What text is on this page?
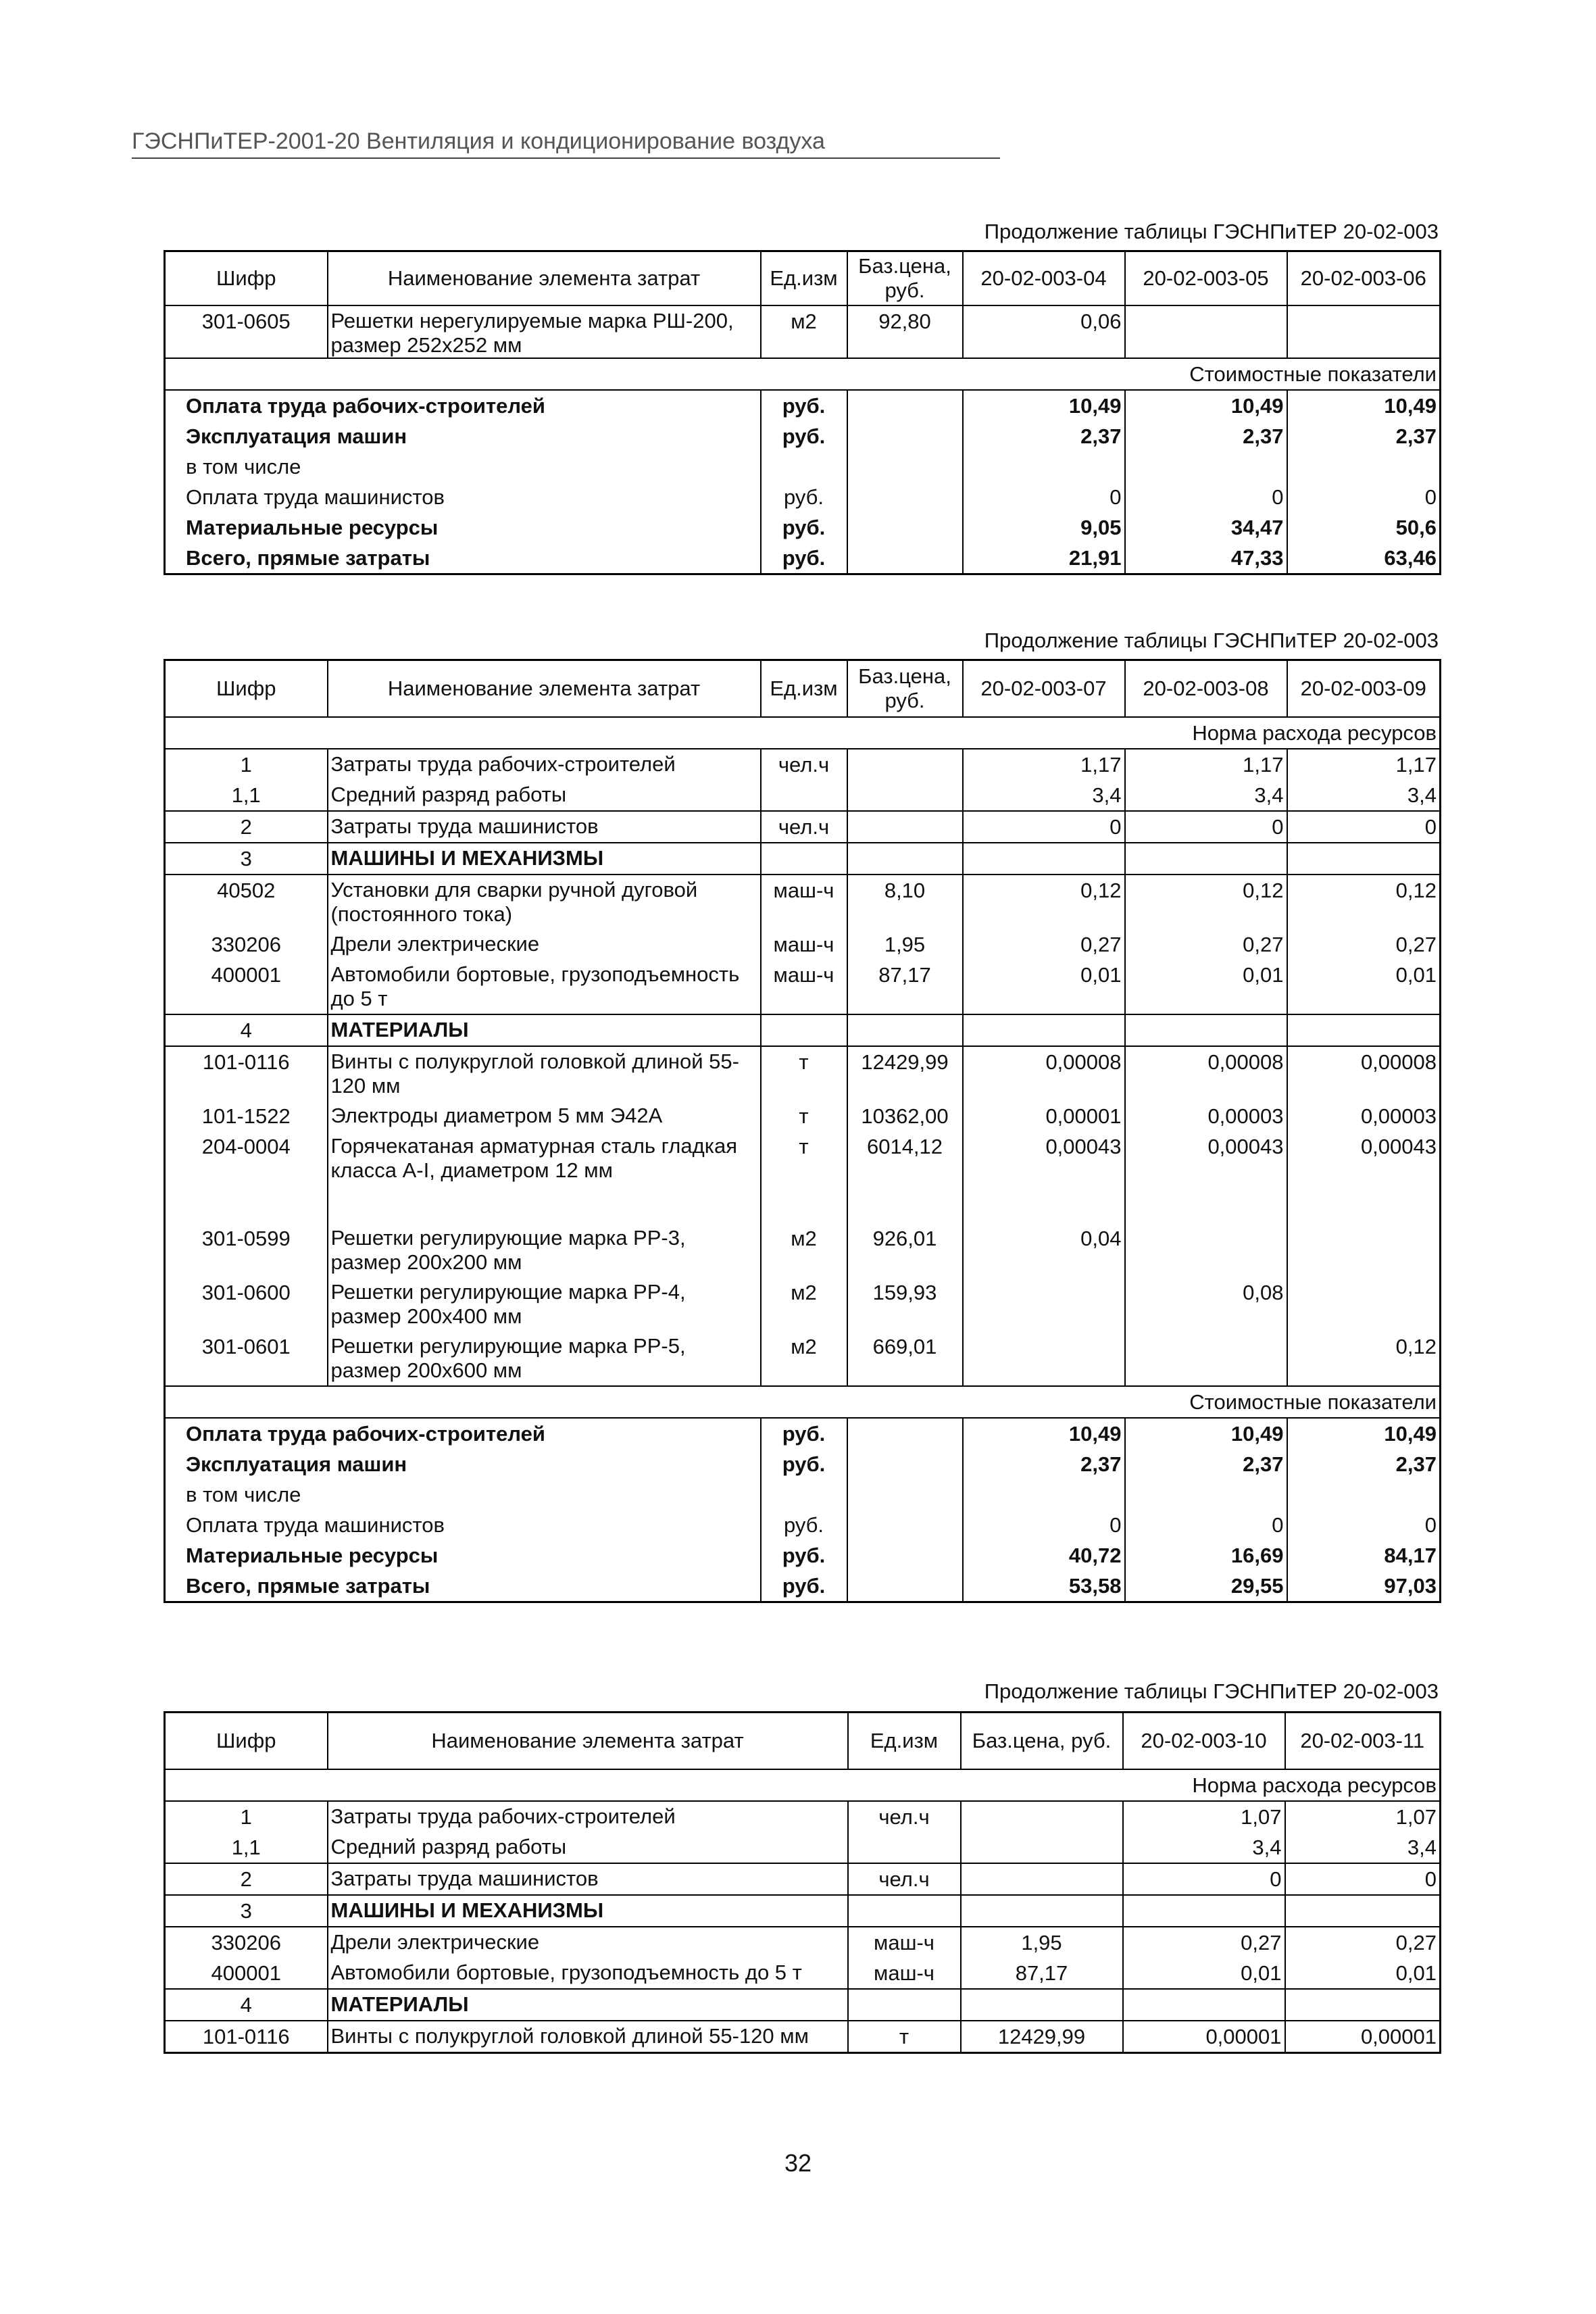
ГЭСНПиТЕР-2001-20 Вентиляция и кондиционирование воздуха
Продолжение таблицы ГЭСНПиТЕР 20-02-003
Шифр	Наименование элемента затрат	Ед.изм	Баз.цена, руб.	20-02-003-04	20-02-003-05	20-02-003-06
301-0605	Решетки нерегулируемые марка РШ-200, размер 252x252 мм	м2	92,80	0,06		
Стоимостные показатели						
Оплата труда рабочих-строителей		руб.		10,49	10,49	10,49
Эксплуатация машин		руб.		2,37	2,37	2,37
в том числе						
Оплата труда машинистов		руб.		0	0	0
Материальные ресурсы		руб.		9,05	34,47	50,6
Всего, прямые затраты		руб.		21,91	47,33	63,46
Продолжение таблицы ГЭСНПиТЕР 20-02-003
Шифр	Наименование элемента затрат	Ед.изм	Баз.цена, руб.	20-02-003-07	20-02-003-08	20-02-003-09
Норма расхода ресурсов						
1	Затраты труда рабочих-строителей	чел.ч		1,17	1,17	1,17
1,1	Средний разряд работы			3,4	3,4	3,4
2	Затраты труда машинистов	чел.ч		0	0	0
3	МАШИНЫ И МЕХАНИЗМЫ					
40502	Установки для сварки ручной дуговой (постоянного тока)	маш-ч	8,10	0,12	0,12	0,12
330206	Дрели электрические	маш-ч	1,95	0,27	0,27	0,27
400001	Автомобили бортовые, грузоподъемность до 5 т	маш-ч	87,17	0,01	0,01	0,01
4	МАТЕРИАЛЫ					
101-0116	Винты с полукруглой головкой длиной 55-120 мм	т	12429,99	0,00008	0,00008	0,00008
101-1522	Электроды диаметром 5 мм Э42А	т	10362,00	0,00001	0,00003	0,00003
204-0004	Горячекатаная арматурная сталь гладкая класса А-I, диаметром 12 мм	т	6014,12	0,00043	0,00043	0,00043
301-0599	Решетки регулирующие марка РР-3, размер 200x200 мм	м2	926,01	0,04		
301-0600	Решетки регулирующие марка РР-4, размер 200x400 мм	м2	159,93		0,08	
301-0601	Решетки регулирующие марка РР-5, размер 200x600 мм	м2	669,01			0,12
Стоимостные показатели						
Оплата труда рабочих-строителей		руб.		10,49	10,49	10,49
Эксплуатация машин		руб.		2,37	2,37	2,37
в том числе						
Оплата труда машинистов		руб.		0	0	0
Материальные ресурсы		руб.		40,72	16,69	84,17
Всего, прямые затраты		руб.		53,58	29,55	97,03
Продолжение таблицы ГЭСНПиТЕР 20-02-003
Шифр	Наименование элемента затрат	Ед.изм	Баз.цена, руб.	20-02-003-10	20-02-003-11
Норма расхода ресурсов					
1	Затраты труда рабочих-строителей	чел.ч		1,07	1,07
1,1	Средний разряд работы			3,4	3,4
2	Затраты труда машинистов	чел.ч		0	0
3	МАШИНЫ И МЕХАНИЗМЫ				
330206	Дрели электрические	маш-ч	1,95	0,27	0,27
400001	Автомобили бортовые, грузоподъемность до 5 т	маш-ч	87,17	0,01	0,01
4	МАТЕРИАЛЫ				
101-0116	Винты с полукруглой головкой длиной 55-120 мм	т	12429,99	0,00001	0,00001
32
